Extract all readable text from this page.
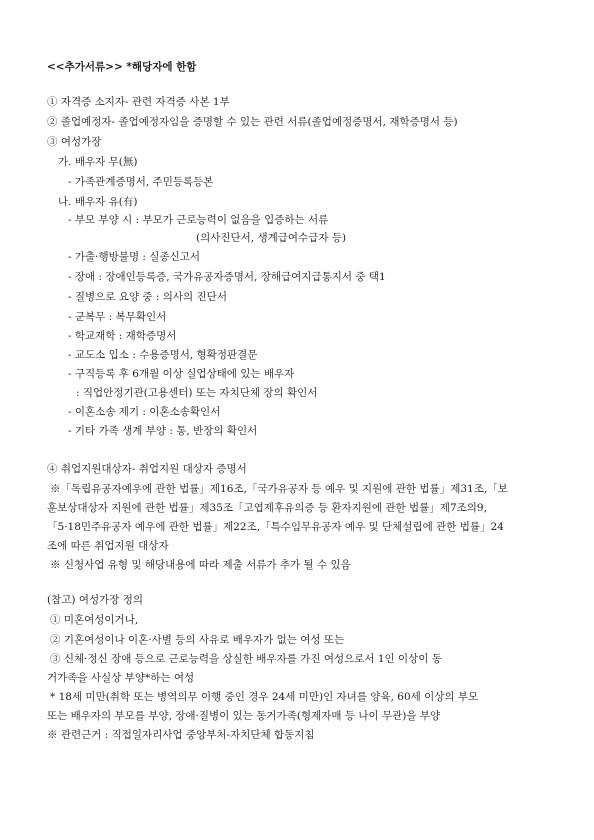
<<추가서류>> *해당자에 한함
① 자격증 소지자- 관련 자격증 사본 1부
② 졸업예정자- 졸업예정자임을 증명할 수 있는 관련 서류(졸업예정증명서, 재학증명서 등)
③ 여성가장
가. 배우자 무(無)
- 가족관계증명서, 주민등록등본
나. 배우자 유(有)
- 부모 부양 시 : 부모가 근로능력이 없음을 입증하는 서류
(의사진단서, 생계급여수급자 등)
- 가출·행방불명 : 실종신고서
- 장애 : 장애인등록증, 국가유공자증명서, 장해급여지급통지서 중 택1
- 질병으로 요양 중 : 의사의 진단서
- 군복무 : 복무확인서
- 학교재학 : 재학증명서
- 교도소 입소 : 수용증명서, 형확정판결문
- 구직등록 후 6개월 이상 실업상태에 있는 배우자
: 직업안정기관(고용센터) 또는 자치단체 장의 확인서
- 이혼소송 제기 : 이혼소송확인서
- 기타 가족 생계 부양 : 통, 반장의 확인서
④ 취업지원대상자- 취업지원 대상자 증명서
※「독립유공자예우에 관한 법률」제16조,「국가유공자 등 예우 및 지원에 관한 법률」제31조,「보
훈보상대상자 지원에 관한 법률」제35조「고엽제후유의증 등 환자지원에 관한 법률」제7조의9,
「5·18민주유공자 예우에 관한 법률」제22조,「특수임무유공자 예우 및 단체설립에 관한 법률」24
조에 따른 취업지원 대상자
※ 신청사업 유형 및 해당내용에 따라 제출 서류가 추가 될 수 있음
(참고) 여성가장 정의
① 미혼여성이거나,
② 기혼여성이나 이혼·사별 등의 사유로 배우자가 없는 여성 또는
③ 신체·정신 장애 등으로 근로능력을 상실한 배우자를 가진 여성으로서 1인 이상이 동
거가족을 사실상 부양*하는 여성
* 18세 미만(취학 또는 병역의무 이행 중인 경우 24세 미만)인 자녀를 양육, 60세 이상의 부모
또는 배우자의 부모를 부양, 장애·질병이 있는 동거가족(형제자매 등 나이 무관)을 부양
※ 관련근거 : 직접일자리사업 중앙부처-자치단체 합동지침
